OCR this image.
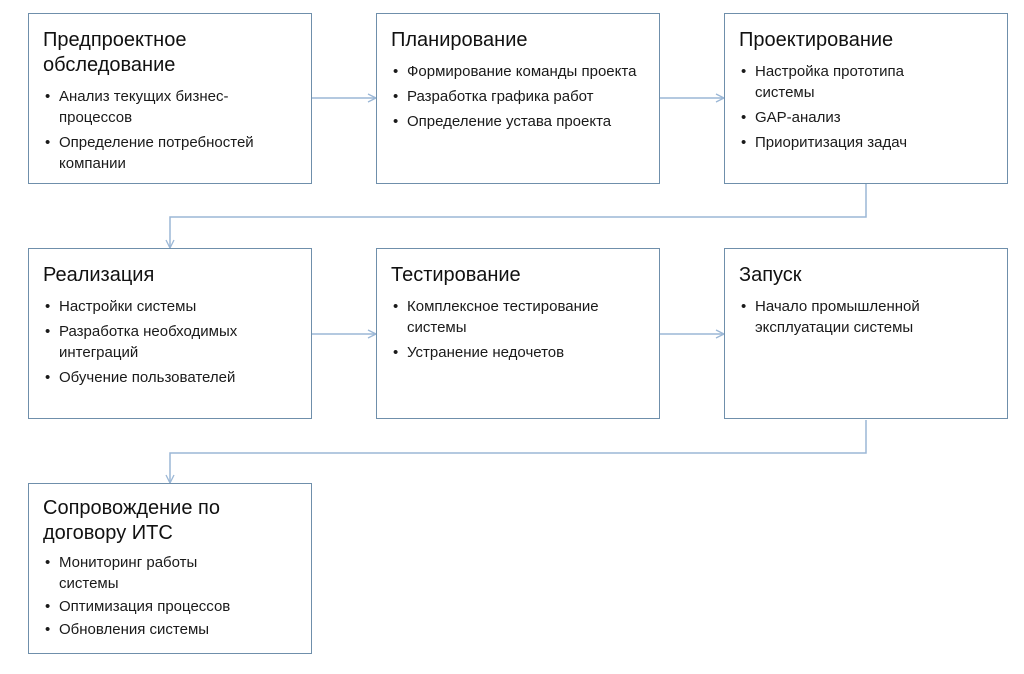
Предпроектное обследование
• Анализ текущих бизнес-процессов
• Определение потребностей компании
Планирование
• Формирование команды проекта
• Разработка графика работ
• Определение устава проекта
Проектирование
• Настройка прототипа системы
• GAP-анализ
• Приоритизация задач
Реализация
• Настройки системы
• Разработка необходимых интеграций
• Обучение пользователей
Тестирование
• Комплексное тестирование системы
• Устранение недочетов
Запуск
• Начало промышленной эксплуатации системы
Сопровождение по договору ИТС
• Мониторинг работы системы
• Оптимизация процессов
• Обновления системы
